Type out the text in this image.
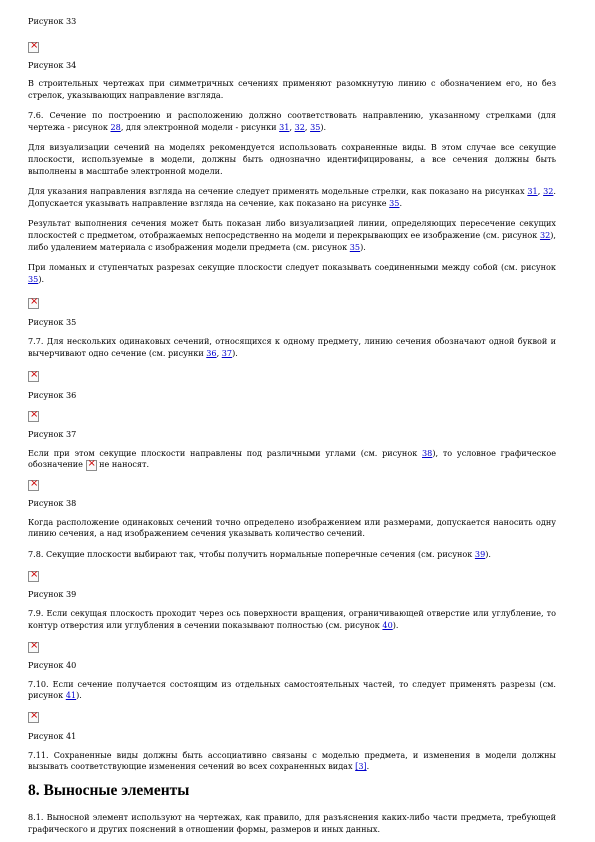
Рисунок 33

×

Рисунок 34

В строительных чертежах при симметричных сечениях применяют разомкнутую линию с обозначением его, но без стрелок, указывающих направление взгляда.

7.6. Сечение по построению и расположению должно соответствовать направлению, указанному стрелками (для чертежа - рисунок 28, для электронной модели - рисунки 31, 32, 35).

Для визуализации сечений на моделях рекомендуется использовать сохраненные виды. В этом случае все секущие плоскости, используемые в модели, должны быть однозначно идентифицированы, а все сечения должны быть выполнены в масштабе электронной модели.

Для указания направления взгляда на сечение следует применять модельные стрелки, как показано на рисунках 31, 32. Допускается указывать направление взгляда на сечение, как показано на рисунке 35.

Результат выполнения сечения может быть показан либо визуализацией линии, определяющих пересечение секущих плоскостей с предметом, отображаемых непосредственно на модели и перекрывающих ее изображение (см. рисунок 32), либо удалением материала с изображения модели предмета (см. рисунок 35).

При ломаных и ступенчатых разрезах секущие плоскости следует показывать соединенными между собой (см. рисунок 35).

×

Рисунок 35

7.7. Для нескольких одинаковых сечений, относящихся к одному предмету, линию сечения обозначают одной буквой и вычерчивают одно сечение (см. рисунки 36, 37).

×

Рисунок 36

×

Рисунок 37

Если при этом секущие плоскости направлены под различными углами (см. рисунок 38), то условное графическое обозначение × не наносят.

×

Рисунок 38

Когда расположение одинаковых сечений точно определено изображением или размерами, допускается наносить одну линию сечения, а над изображением сечения указывать количество сечений.

7.8. Секущие плоскости выбирают так, чтобы получить нормальные поперечные сечения (см. рисунок 39).

×

Рисунок 39

7.9. Если секущая плоскость проходит через ось поверхности вращения, ограничивающей отверстие или углубление, то контур отверстия или углубления в сечении показывают полностью (см. рисунок 40).

×

Рисунок 40

7.10. Если сечение получается состоящим из отдельных самостоятельных частей, то следует применять разрезы (см. рисунок 41).

×

Рисунок 41

7.11. Сохраненные виды должны быть ассоциативно связаны с моделью предмета, и изменения в модели должны вызывать соответствующие изменения сечений во всех сохраненных видах [3].

8. Выносные элементы

8.1. Выносной элемент используют на чертежах, как правило, для разъяснения каких-либо части предмета, требующей графического и других пояснений в отношении формы, размеров и иных данных.
